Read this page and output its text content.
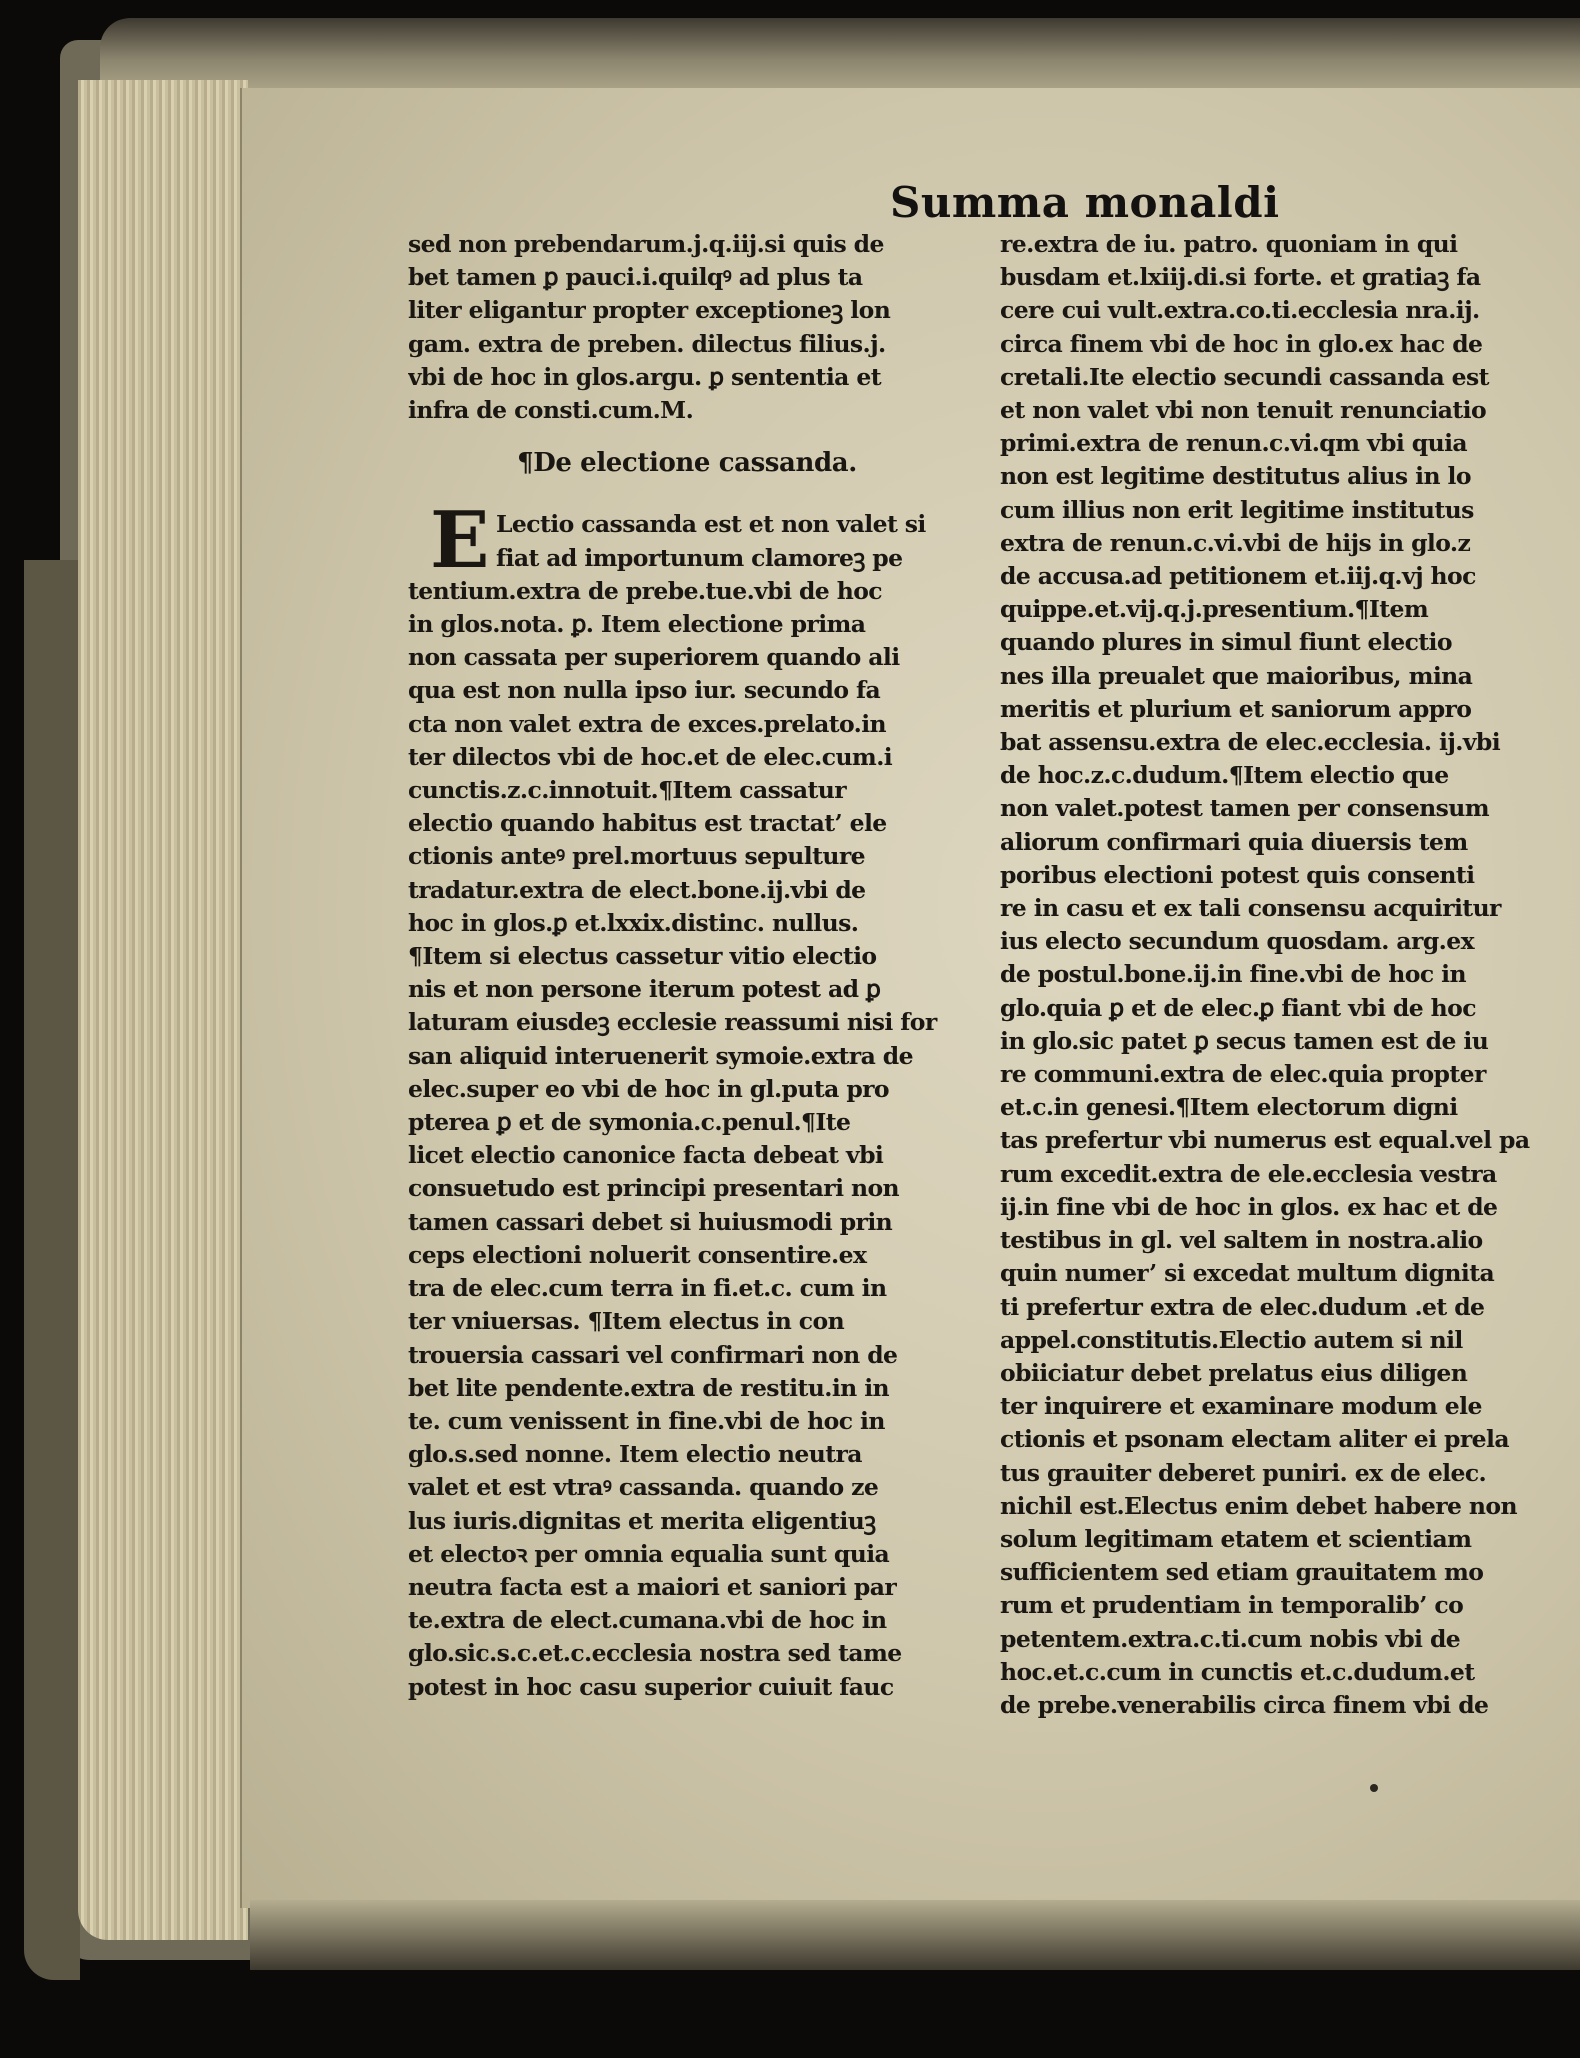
Summa monaldi
sed non prebendarum.j.q.iij.si quis de
bet tamen ꝑ pauci.i.quilqꝰ ad plus ta
liter eligantur propter exceptioneꝫ lon
gam. extra de preben. dilectus filius.j.
vbi de hoc in glos.argu. ꝑ sententia et
infra de consti.cum.M.
¶De electione cassanda.
E Lectio cassanda est et non valet si
fiat ad importunum clamoreꝫ pe
tentium.extra de prebe.tue.vbi de hoc
in glos.nota. ꝑ. Item electione prima
non cassata per superiorem quando ali
qua est non nulla ipso iur. secundo fa
cta non valet extra de exces.prelato.in
ter dilectos vbi de hoc.et de elec.cum.i
cunctis.z.c.innotuit.¶Item cassatur
electio quando habitus est tractat’ ele
ctionis anteꝰ prel.mortuus sepulture
tradatur.extra de elect.bone.ij.vbi de
hoc in glos.ꝑ et.lxxix.distinc. nullus.
¶Item si electus cassetur vitio electio
nis et non persone iterum potest ad ꝑ
laturam eiusdeꝫ ecclesie reassumi nisi for
san aliquid interuenerit symoie.extra de
elec.super eo vbi de hoc in gl.puta pro
pterea ꝑ et de symonia.c.penul.¶Ite
licet electio canonice facta debeat vbi
consuetudo est principi presentari non
tamen cassari debet si huiusmodi prin
ceps electioni noluerit consentire.ex
tra de elec.cum terra in fi.et.c. cum in
ter vniuersas. ¶Item electus in con
trouersia cassari vel confirmari non de
bet lite pendente.extra de restitu.in in
te. cum venissent in fine.vbi de hoc in
glo.s.sed nonne. Item electio neutra
valet et est vtraꝰ cassanda. quando ze
lus iuris.dignitas et merita eligentiuꝫ
et electoꝛ per omnia equalia sunt quia
neutra facta est a maiori et saniori par
te.extra de elect.cumana.vbi de hoc in
glo.sic.s.c.et.c.ecclesia nostra sed tame
potest in hoc casu superior cuiuit fauc
re.extra de iu. patro. quoniam in qui
busdam et.lxiij.di.si forte. et gratiaꝫ fa
cere cui vult.extra.co.ti.ecclesia nra.ij.
circa finem vbi de hoc in glo.ex hac de
cretali.Ite electio secundi cassanda est
et non valet vbi non tenuit renunciatio
primi.extra de renun.c.vi.qm vbi quia
non est legitime destitutus alius in lo
cum illius non erit legitime institutus
extra de renun.c.vi.vbi de hijs in glo.z
de accusa.ad petitionem et.iij.q.vj hoc
quippe.et.vij.q.j.presentium.¶Item
quando plures in simul fiunt electio
nes illa preualet que maioribus, mina
meritis et plurium et saniorum appro
bat assensu.extra de elec.ecclesia. ij.vbi
de hoc.z.c.dudum.¶Item electio que
non valet.potest tamen per consensum
aliorum confirmari quia diuersis tem
poribus electioni potest quis consenti
re in casu et ex tali consensu acquiritur
ius electo secundum quosdam. arg.ex
de postul.bone.ij.in fine.vbi de hoc in
glo.quia ꝑ et de elec.ꝑ fiant vbi de hoc
in glo.sic patet ꝑ secus tamen est de iu
re communi.extra de elec.quia propter
et.c.in genesi.¶Item electorum digni
tas prefertur vbi numerus est equal.vel pa
rum excedit.extra de ele.ecclesia vestra
ij.in fine vbi de hoc in glos. ex hac et de
testibus in gl. vel saltem in nostra.alio
quin numer’ si excedat multum dignita
ti prefertur extra de elec.dudum .et de
appel.constitutis.Electio autem si nil
obiiciatur debet prelatus eius diligen
ter inquirere et examinare modum ele
ctionis et psonam electam aliter ei prela
tus grauiter deberet puniri. ex de elec.
nichil est.Electus enim debet habere non
solum legitimam etatem et scientiam
sufficientem sed etiam grauitatem mo
rum et prudentiam in temporalib’ co
petentem.extra.c.ti.cum nobis vbi de
hoc.et.c.cum in cunctis et.c.dudum.et
de prebe.venerabilis circa finem vbi de
